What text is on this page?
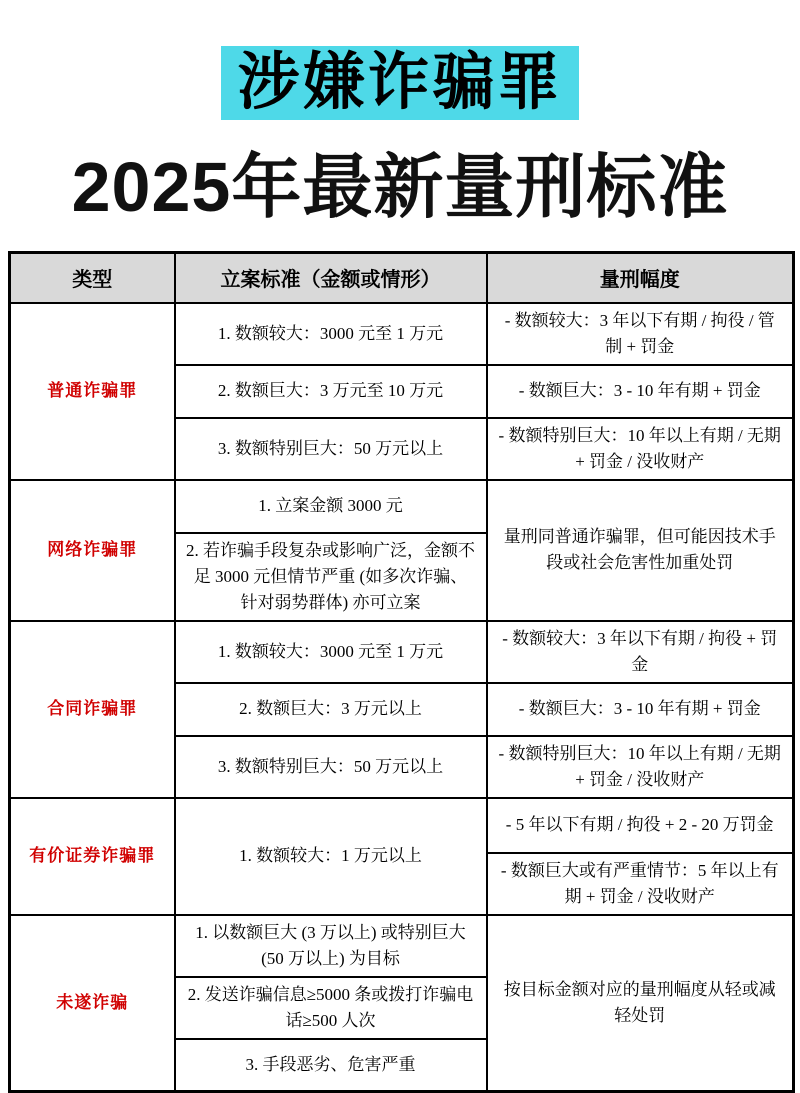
涉嫌诈骗罪
2025年最新量刑标准
类型	立案标准（金额或情形）	量刑幅度
普通诈骗罪	1. 数额较大：3000 元至 1 万元	- 数额较大：3 年以下有期 / 拘役 / 管制 + 罚金
	2. 数额巨大：3 万元至 10 万元	- 数额巨大：3 - 10 年有期 + 罚金
	3. 数额特别巨大：50 万元以上	- 数额特别巨大：10 年以上有期 / 无期 + 罚金 / 没收财产
网络诈骗罪	1. 立案金额 3000 元	量刑同普通诈骗罪，但可能因技术手段或社会危害性加重处罚
	2. 若诈骗手段复杂或影响广泛，金额不足 3000 元但情节严重 (如多次诈骗、针对弱势群体) 亦可立案	
合同诈骗罪	1. 数额较大：3000 元至 1 万元	- 数额较大：3 年以下有期 / 拘役 + 罚金
	2. 数额巨大：3 万元以上	- 数额巨大：3 - 10 年有期 + 罚金
	3. 数额特别巨大：50 万元以上	- 数额特别巨大：10 年以上有期 / 无期 + 罚金 / 没收财产
有价证券诈骗罪	1. 数额较大：1 万元以上	- 5 年以下有期 / 拘役 + 2 - 20 万罚金
		- 数额巨大或有严重情节：5 年以上有期 + 罚金 / 没收财产
未遂诈骗	1. 以数额巨大 (3 万以上) 或特别巨大 (50 万以上) 为目标	按目标金额对应的量刑幅度从轻或减轻处罚
	2. 发送诈骗信息≥5000 条或拨打诈骗电话≥500 人次	
	3. 手段恶劣、危害严重	
